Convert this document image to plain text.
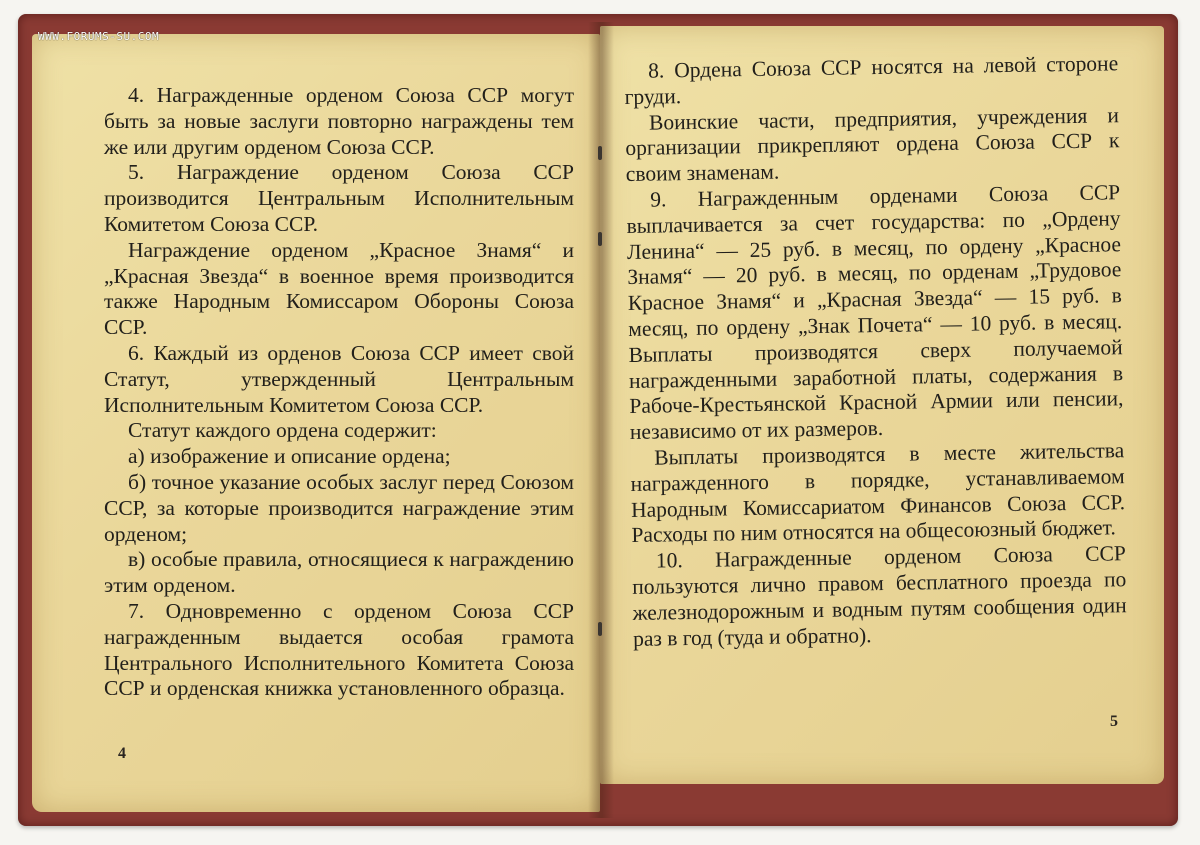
WWW.FORUMS-SU.COM

4. Награжденные орденом Союза ССР могут быть за новые заслуги повторно награждены тем же или другим орденом Союза ССР.

5. Награждение орденом Союза ССР производится Центральным Исполнительным Комитетом Союза ССР.

Награждение орденом „Красное Знамя“ и „Красная Звезда“ в военное время производится также Народным Комиссаром Обороны Союза ССР.

6. Каждый из орденов Союза ССР имеет свой Статут, утвержденный Центральным Исполнительным Комитетом Союза ССР.

Статут каждого ордена содержит:

а) изображение и описание ордена;

б) точное указание особых заслуг перед Союзом ССР, за которые производится награждение этим орденом;

в) особые правила, относящиеся к награждению этим орденом.

7. Одновременно с орденом Союза ССР награжденным выдается особая грамота Центрального Исполнительного Комитета Союза ССР и орденская книжка установленного образца.

4

8. Ордена Союза ССР носятся на левой стороне груди.

Воинские части, предприятия, учреждения и организации прикрепляют ордена Союза ССР к своим знаменам.

9. Награжденным орденами Союза ССР выплачивается за счет государства: по „Ордену Ленина“ — 25 руб. в месяц, по ордену „Красное Знамя“ — 20 руб. в месяц, по орденам „Трудовое Красное Знамя“ и „Красная Звезда“ — 15 руб. в месяц, по ордену „Знак Почета“ — 10 руб. в месяц. Выплаты производятся сверх получаемой награжденными заработной платы, содержания в Рабоче-Крестьянской Красной Армии или пенсии, независимо от их размеров.

Выплаты производятся в месте жительства награжденного в порядке, устанавливаемом Народным Комиссариатом Финансов Союза ССР. Расходы по ним относятся на общесоюзный бюджет.

10. Награжденные орденом Союза ССР пользуются лично правом бесплатного проезда по железнодорожным и водным путям сообщения один раз в год (туда и обратно).

5
